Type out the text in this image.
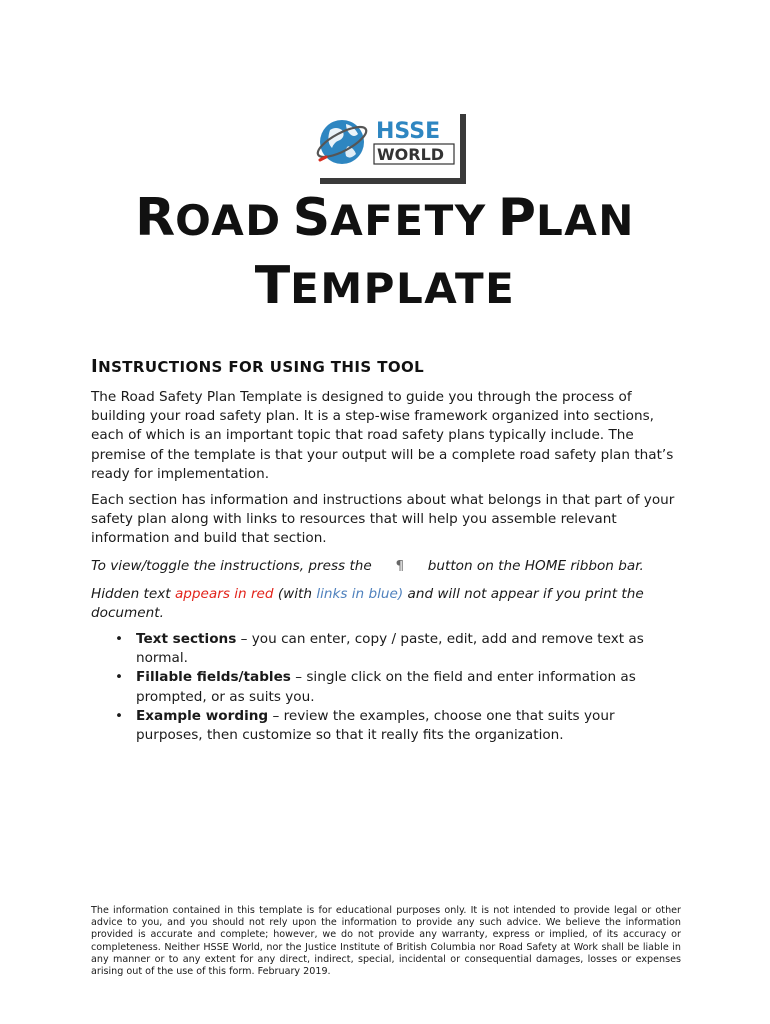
HSSE
WORLD
ROAD SAFETY PLAN
TEMPLATE
INSTRUCTIONS FOR USING THIS TOOL

The Road Safety Plan Template is designed to guide you through the process of building your road safety plan. It is a step-wise framework organized into sections, each of which is an important topic that road safety plans typically include. The premise of the template is that your output will be a complete road safety plan that’s ready for implementation.

Each section has information and instructions about what belongs in that part of your safety plan along with links to resources that will help you assemble relevant information and build that section.

To view/toggle the instructions, press the ¶ button on the HOME ribbon bar.

Hidden text appears in red (with links in blue) and will not appear if you print the document.

• Text sections – you can enter, copy / paste, edit, add and remove text as normal.
• Fillable fields/tables – single click on the field and enter information as prompted, or as suits you.
• Example wording – review the examples, choose one that suits your purposes, then customize so that it really fits the organization.

The information contained in this template is for educational purposes only. It is not intended to provide legal or other advice to you, and you should not rely upon the information to provide any such advice. We believe the information provided is accurate and complete; however, we do not provide any warranty, express or implied, of its accuracy or completeness. Neither HSSE World, nor the Justice Institute of British Columbia nor Road Safety at Work shall be liable in any manner or to any extent for any direct, indirect, special, incidental or consequential damages, losses or expenses arising out of the use of this form. February 2019.
